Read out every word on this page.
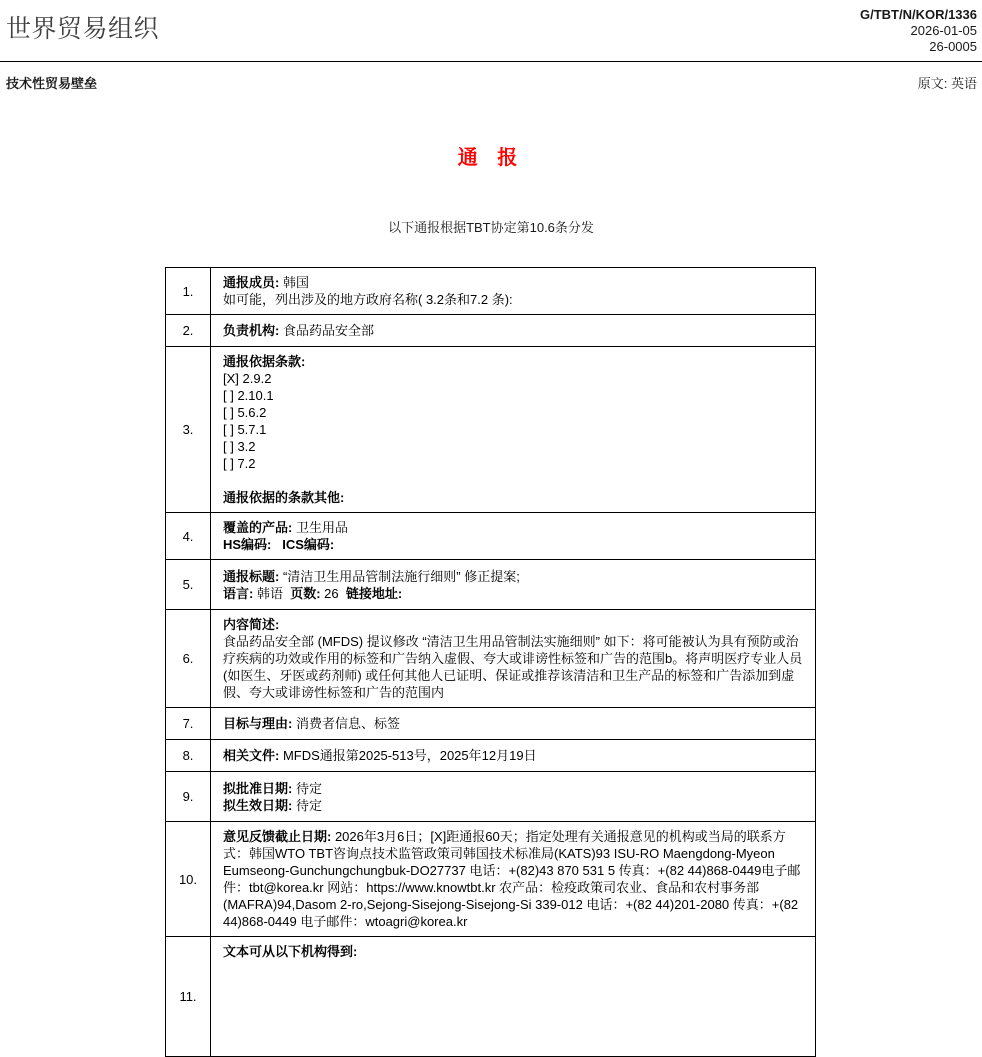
世界贸易组织
G/TBT/N/KOR/1336
2026-01-05
26-0005
技术性贸易壁垒	原文: 英语
通 报
以下通报根据TBT协定第10.6条分发
1.	通报成员: 韩国
如可能，列出涉及的地方政府名称( 3.2条和7.2 条):

2.	负责机构: 食品药品安全部

3.	
通报依据条款:
[X] 2.9.2
[ ] 2.10.1
[ ] 5.6.2
[ ] 5.7.1
[ ] 3.2
[ ] 7.2

通报依据的条款其他:

4.	覆盖的产品: 卫生用品
HS编码: ICS编码:

5.	通报标题: “清洁卫生用品管制法施行细则” 修正提案;
语言: 韩语  页数: 26  链接地址:

6.	内容简述:
食品药品安全部 (MFDS) 提议修改 “清洁卫生用品管制法实施细则” 如下：将可能被认为具有预防或治疗疾病的功效或作用的标签和广告纳入虚假、夸大或诽谤性标签和广告的范围b。将声明医疗专业人员 (如医生、牙医或药剂师) 或任何其他人已证明、保证或推荐该清洁和卫生产品的标签和广告添加到虚假、夸大或诽谤性标签和广告的范围内

7.	目标与理由: 消费者信息、标签

8.	相关文件: MFDS通报第2025-513号，2025年12月19日

9.	拟批准日期: 待定
拟生效日期: 待定

10.	意见反馈截止日期: 2026年3月6日；[X]距通报60天；指定处理有关通报意见的机构或当局的联系方式：韩国WTO TBT咨询点技术监管政策司韩国技术标准局(KATS)93 ISU-RO Maengdong-Myeon Eumseong-Gunchungchungbuk-DO27737 电话：+(82)43 870 531 5 传真：+(82 44)868-0449电子邮件：tbt@korea.kr 网站：https://www.knowtbt.kr 农产品：检疫政策司农业、食品和农村事务部(MAFRA)94,Dasom 2-ro,Sejong-Sisejong-Sisejong-Si 339-012 电话：+(82 44)201-2080 传真：+(82 44)868-0449 电子邮件：wtoagri@korea.kr

11.	文本可从以下机构得到:
